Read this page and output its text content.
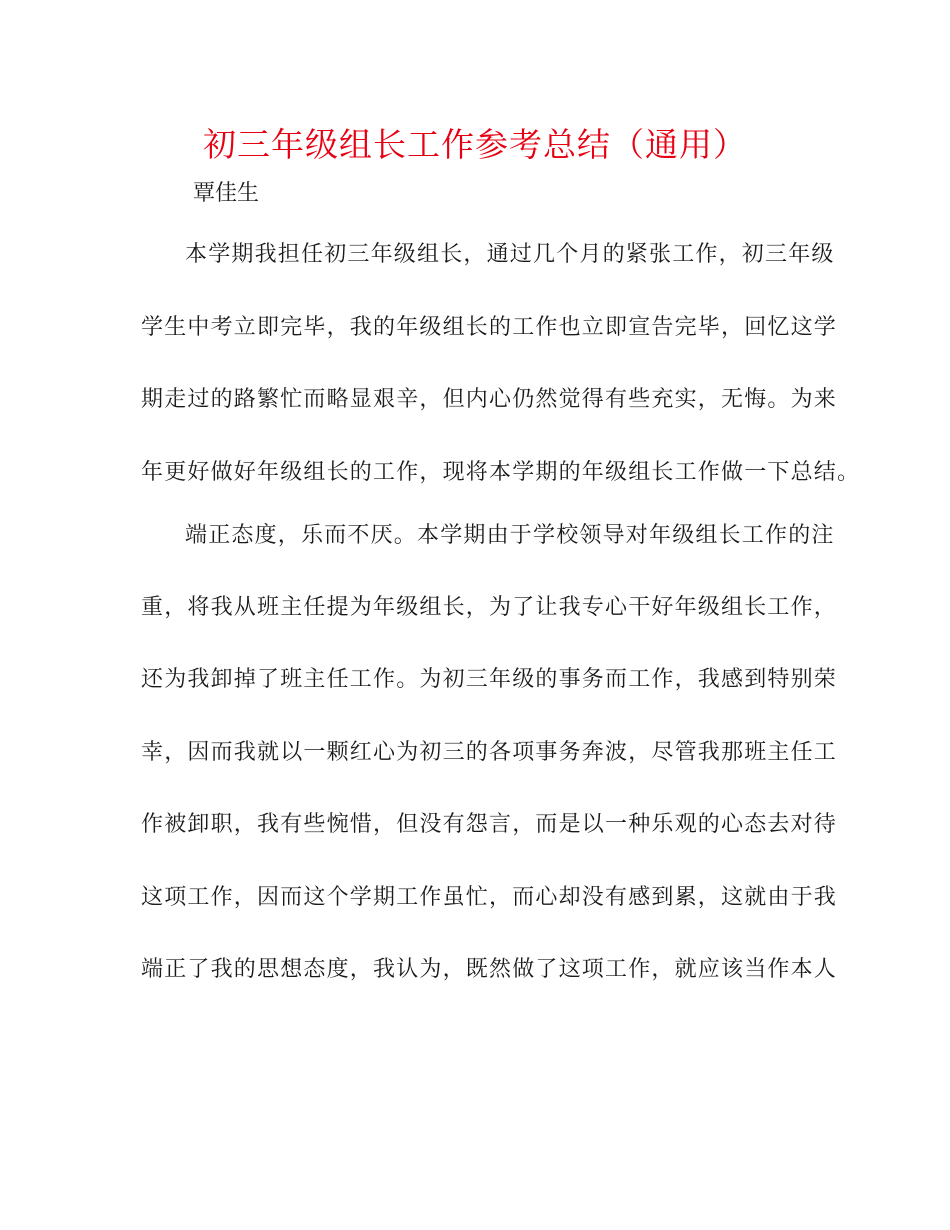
初三年级组长工作参考总结（通用）
覃佳生
本学期我担任初三年级组长，通过几个月的紧张工作，初三年级
学生中考立即完毕，我的年级组长的工作也立即宣告完毕，回忆这学
期走过的路繁忙而略显艰辛，但内心仍然觉得有些充实，无悔。为来
年更好做好年级组长的工作，现将本学期的年级组长工作做一下总结。
端正态度，乐而不厌。本学期由于学校领导对年级组长工作的注
重，将我从班主任提为年级组长，为了让我专心干好年级组长工作，
还为我卸掉了班主任工作。为初三年级的事务而工作，我感到特别荣
幸，因而我就以一颗红心为初三的各项事务奔波，尽管我那班主任工
作被卸职，我有些惋惜，但没有怨言，而是以一种乐观的心态去对待
这项工作，因而这个学期工作虽忙，而心却没有感到累，这就由于我
端正了我的思想态度，我认为，既然做了这项工作，就应该当作本人
